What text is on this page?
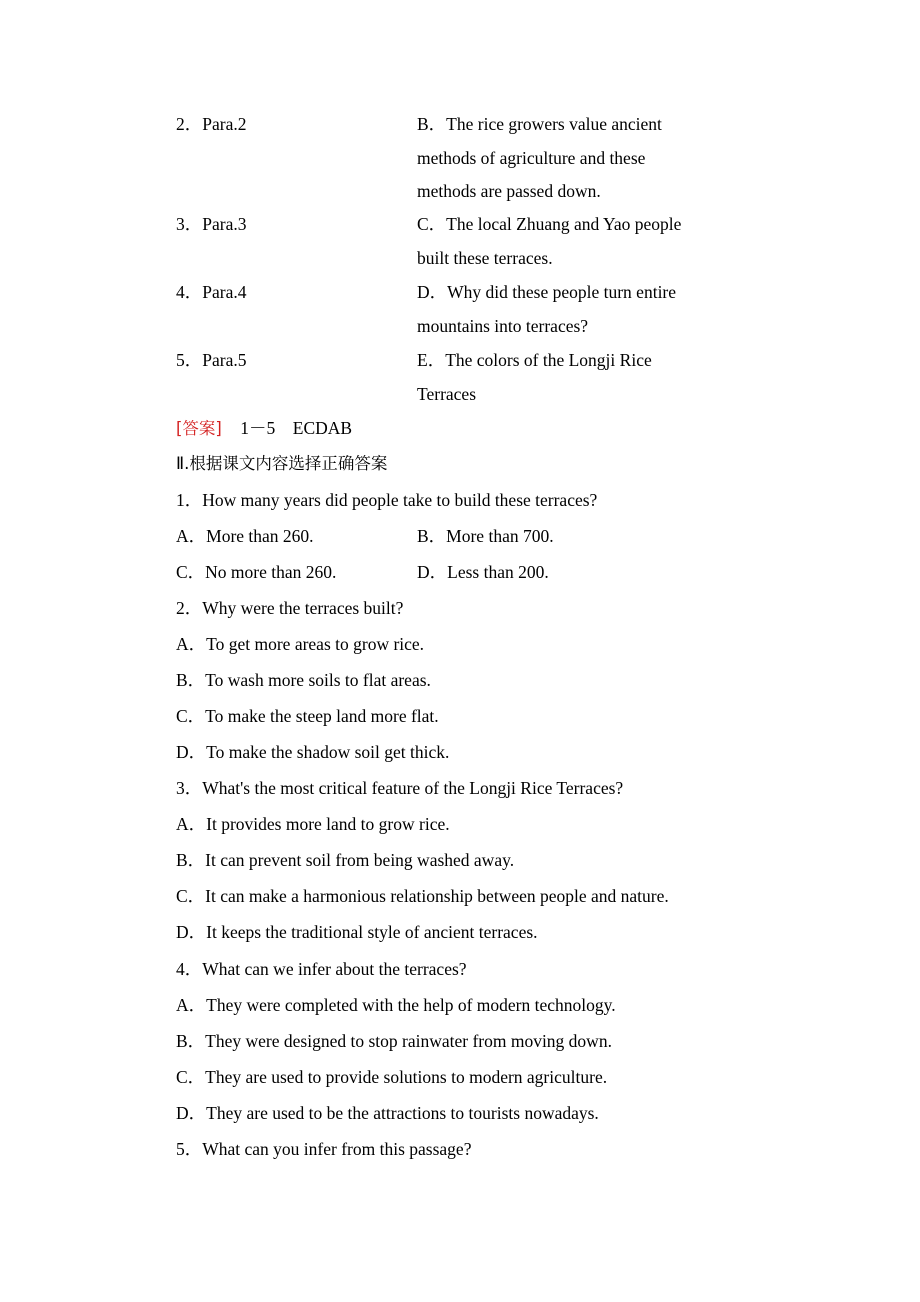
2．Para.2	B．The rice growers value ancient
methods of agriculture and these
methods are passed down.
3．Para.3	C．The local Zhuang and Yao people
built these terraces.
4．Para.4	D．Why did these people turn entire
mountains into terraces?
5．Para.5	E．The colors of the Longji Rice
Terraces
[答案] 1－5　ECDAB
Ⅱ.根据课文内容选择正确答案
1．How many years did people take to build these terraces?
A．More than 260.	B．More than 700.
C．No more than 260.	D．Less than 200.
2．Why were the terraces built?
A．To get more areas to grow rice.
B．To wash more soils to flat areas.
C．To make the steep land more flat.
D．To make the shadow soil get thick.
3．What's the most critical feature of the Longji Rice Terraces?
A．It provides more land to grow rice.
B．It can prevent soil from being washed away.
C．It can make a harmonious relationship between people and nature.
D．It keeps the traditional style of ancient terraces.
4．What can we infer about the terraces?
A．They were completed with the help of modern technology.
B．They were designed to stop rainwater from moving down.
C．They are used to provide solutions to modern agriculture.
D．They are used to be the attractions to tourists nowadays.
5．What can you infer from this passage?
